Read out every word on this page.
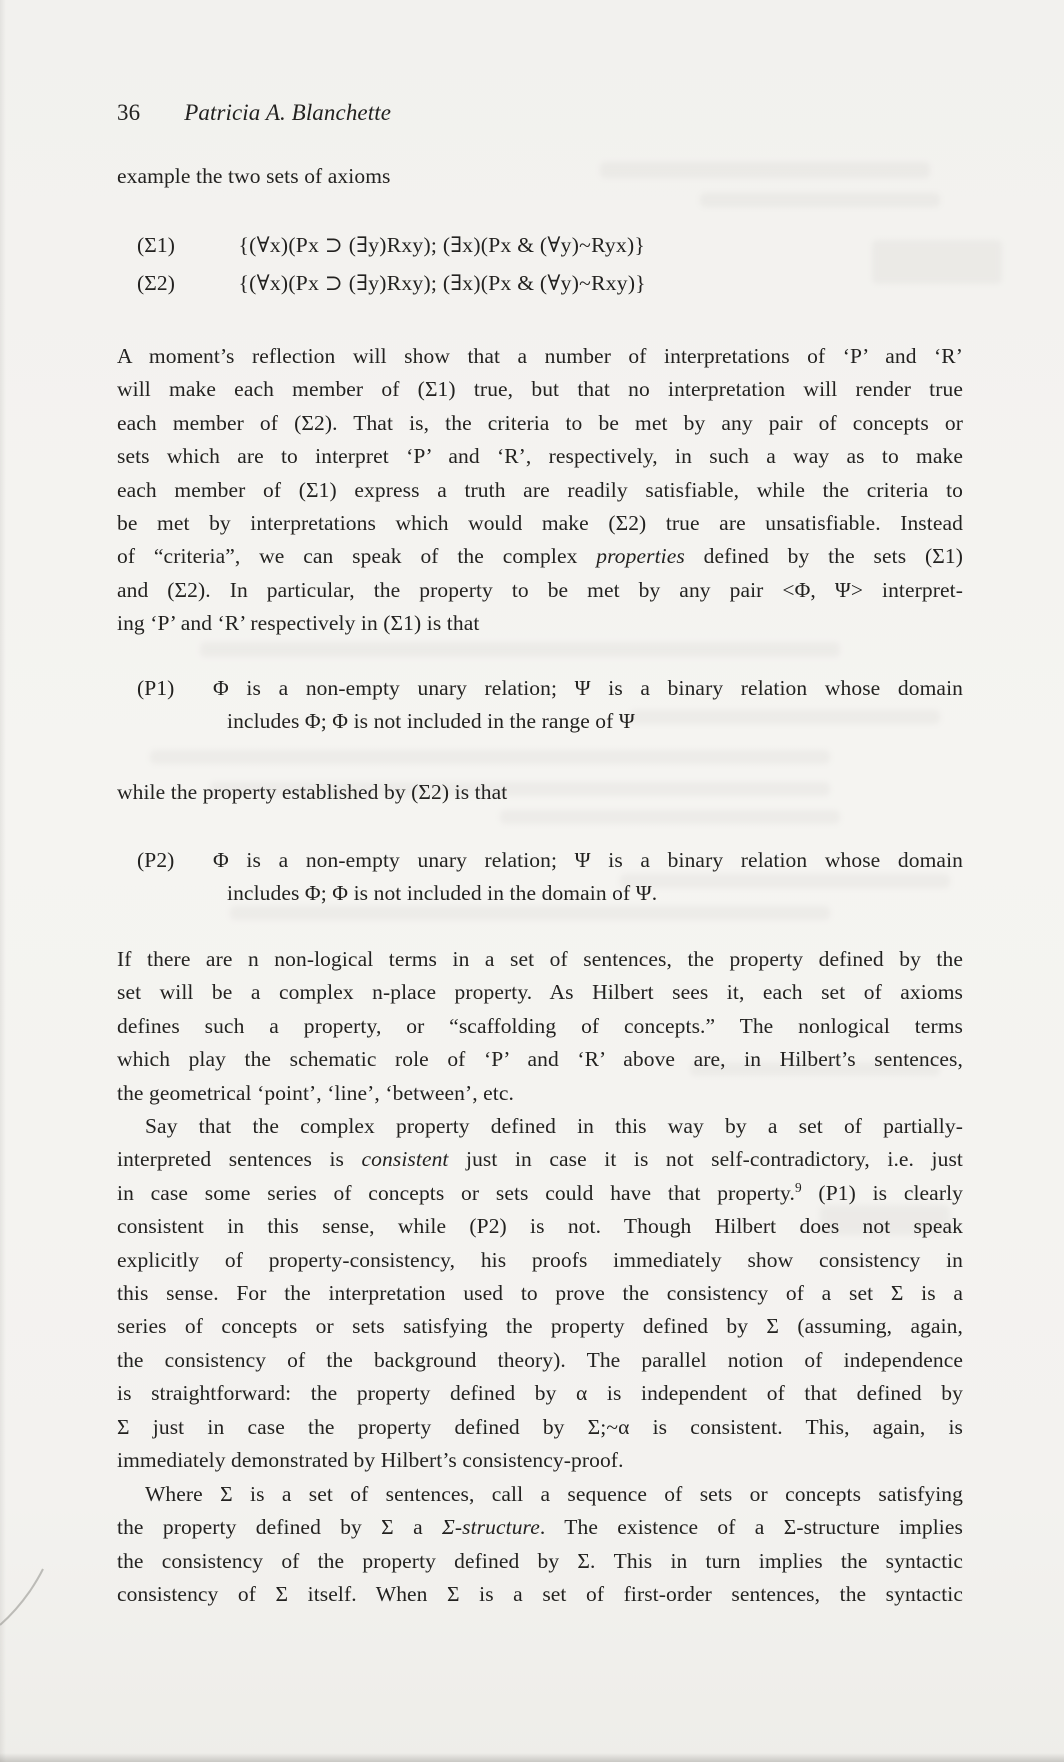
36 Patricia A. Blanchette
example the two sets of axioms
(Σ1)	{(∀x)(Px ⊃ (∃y)Rxy); (∃x)(Px & (∀y)~Ryx)}
(Σ2)	{(∀x)(Px ⊃ (∃y)Rxy); (∃x)(Px & (∀y)~Rxy)}
A moment’s reflection will show that a number of interpretations of ‘P’ and ‘R’
will make each member of (Σ1) true, but that no interpretation will render true
each member of (Σ2). That is, the criteria to be met by any pair of concepts or
sets which are to interpret ‘P’ and ‘R’, respectively, in such a way as to make
each member of (Σ1) express a truth are readily satisfiable, while the criteria to
be met by interpretations which would make (Σ2) true are unsatisfiable. Instead
of “criteria”, we can speak of the complex properties defined by the sets (Σ1)
and (Σ2). In particular, the property to be met by any pair <Φ, Ψ> interpret-
ing ‘P’ and ‘R’ respectively in (Σ1) is that
(P1)	Φ is a non-empty unary relation; Ψ is a binary relation whose domain
includes Φ; Φ is not included in the range of Ψ
while the property established by (Σ2) is that
(P2)	Φ is a non-empty unary relation; Ψ is a binary relation whose domain
includes Φ; Φ is not included in the domain of Ψ.
If there are n non-logical terms in a set of sentences, the property defined by the
set will be a complex n-place property. As Hilbert sees it, each set of axioms
defines such a property, or “scaffolding of concepts.” The nonlogical terms
which play the schematic role of ‘P’ and ‘R’ above are, in Hilbert’s sentences,
the geometrical ‘point’, ‘line’, ‘between’, etc.
Say that the complex property defined in this way by a set of partially-
interpreted sentences is consistent just in case it is not self-contradictory, i.e. just
in case some series of concepts or sets could have that property.$^9$ (P1) is clearly
consistent in this sense, while (P2) is not. Though Hilbert does not speak
explicitly of property-consistency, his proofs immediately show consistency in
this sense. For the interpretation used to prove the consistency of a set Σ is a
series of concepts or sets satisfying the property defined by Σ (assuming, again,
the consistency of the background theory). The parallel notion of independence
is straightforward: the property defined by α is independent of that defined by
Σ just in case the property defined by Σ;~α is consistent. This, again, is
immediately demonstrated by Hilbert’s consistency-proof.
Where Σ is a set of sentences, call a sequence of sets or concepts satisfying
the property defined by Σ a Σ-structure. The existence of a Σ-structure implies
the consistency of the property defined by Σ. This in turn implies the syntactic
consistency of Σ itself. When Σ is a set of first-order sentences, the syntactic
